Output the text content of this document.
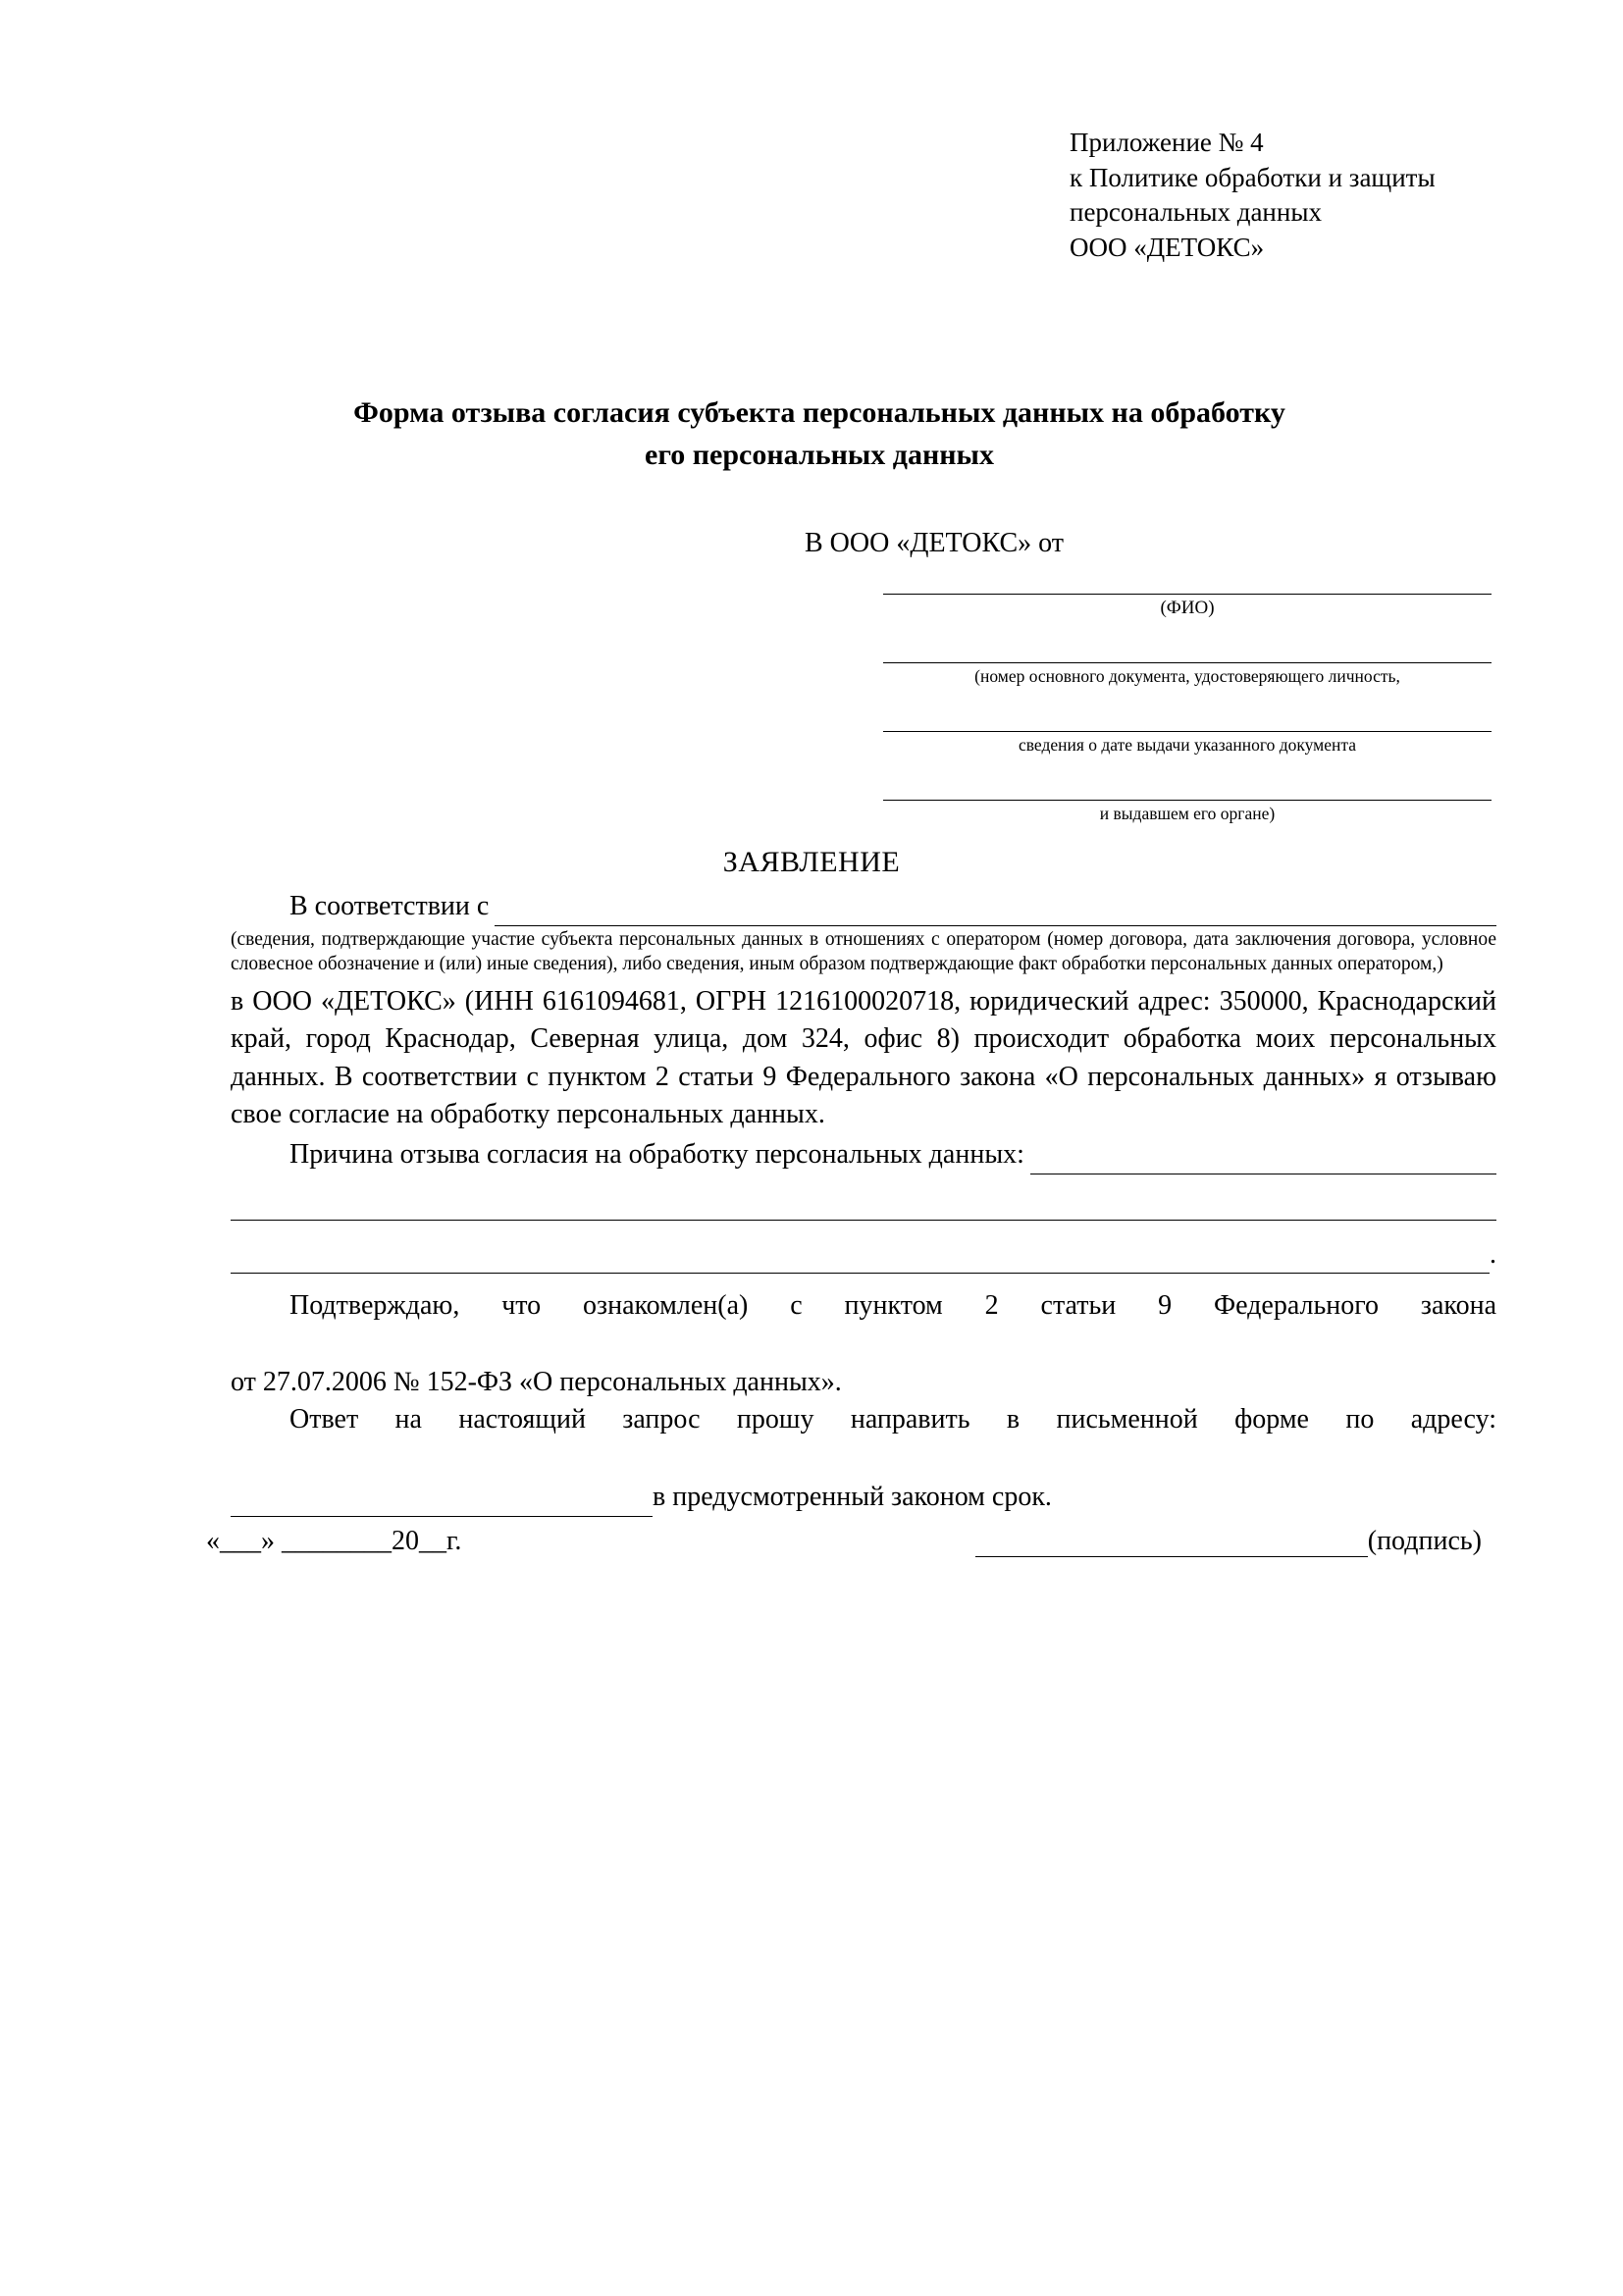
Приложение № 4
к Политике обработки и защиты
персональных данных
ООО «ДЕТОКС»
Форма отзыва согласия субъекта персональных данных на обработку
его персональных данных
В ООО «ДЕТОКС» от
(ФИО)
(номер основного документа, удостоверяющего личность,
сведения о дате выдачи указанного документа
и выдавшем его органе)
ЗАЯВЛЕНИЕ
В соответствии с
(сведения, подтверждающие участие субъекта персональных данных в отношениях с оператором (номер договора, дата заключения договора, условное словесное обозначение и (или) иные сведения), либо сведения, иным образом подтверждающие факт обработки персональных данных оператором,)
в ООО «ДЕТОКС» (ИНН 6161094681, ОГРН 1216100020718, юридический адрес: 350000, Краснодарский край, город Краснодар, Северная улица, дом 324, офис 8) происходит обработка моих персональных данных. В соответствии с пунктом 2 статьи 9 Федерального закона «О персональных данных» я отзываю свое согласие на обработку персональных данных.
Причина отзыва согласия на обработку персональных данных:
.
Подтверждаю, что ознакомлен(а) с пунктом 2 статьи 9 Федерального закона
от 27.07.2006 № 152-ФЗ «О персональных данных».
Ответ на настоящий запрос прошу направить в письменной форме по адресу:
в предусмотренный законом срок.
«___» ________20__г.	(подпись)
